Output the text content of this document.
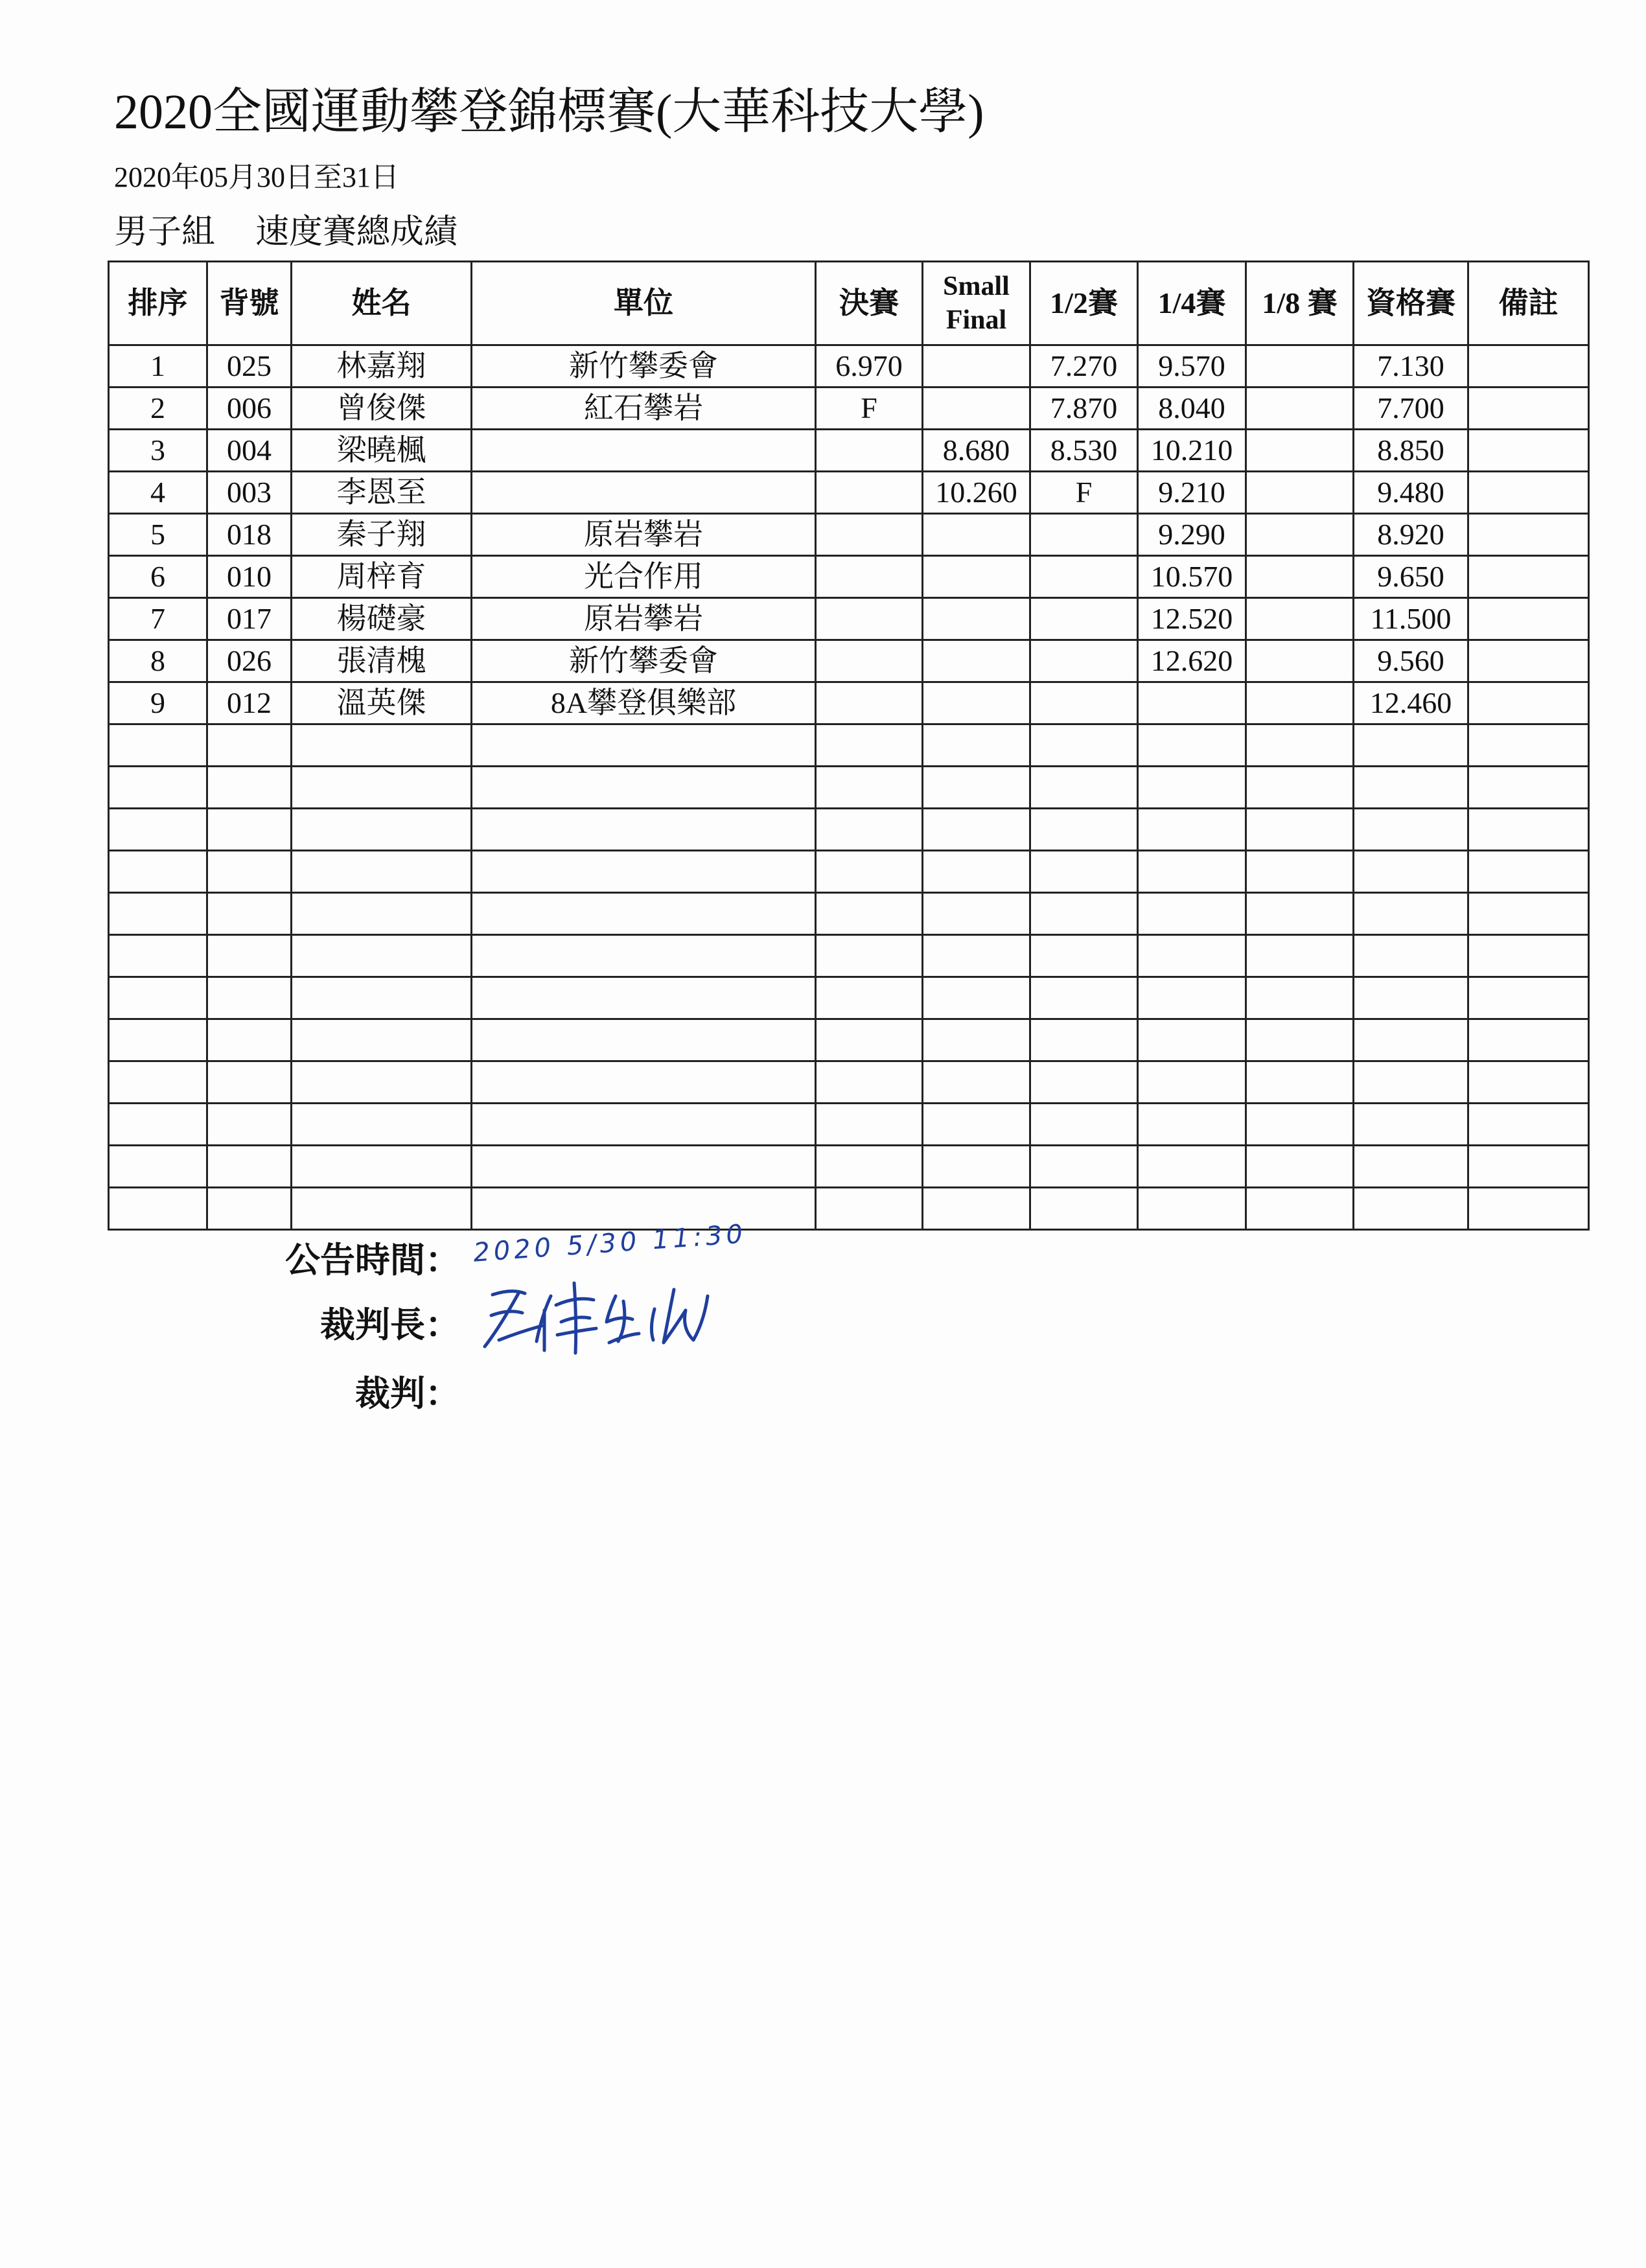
2020全國運動攀登錦標賽(大華科技大學)
2020年05月30日至31日
男子組 速度賽總成績
排序	背號	姓名	單位	決賽	Small Final	1/2賽	1/4賽	1/8 賽	資格賽	備註
1	025	林嘉翔	新竹攀委會	6.970		7.270	9.570		7.130	
2	006	曾俊傑	紅石攀岩	F		7.870	8.040		7.700	
3	004	梁曉楓			8.680	8.530	10.210		8.850	
4	003	李恩至			10.260	F	9.210		9.480	
5	018	秦子翔	原岩攀岩				9.290		8.920	
6	010	周梓育	光合作用				10.570		9.650	
7	017	楊礎豪	原岩攀岩				12.520		11.500	
8	026	張清槐	新竹攀委會				12.620		9.560	
9	012	溫英傑	8A攀登俱樂部						12.460	

公告時間： 2020 5/30 11:30
裁判長：
裁判：
